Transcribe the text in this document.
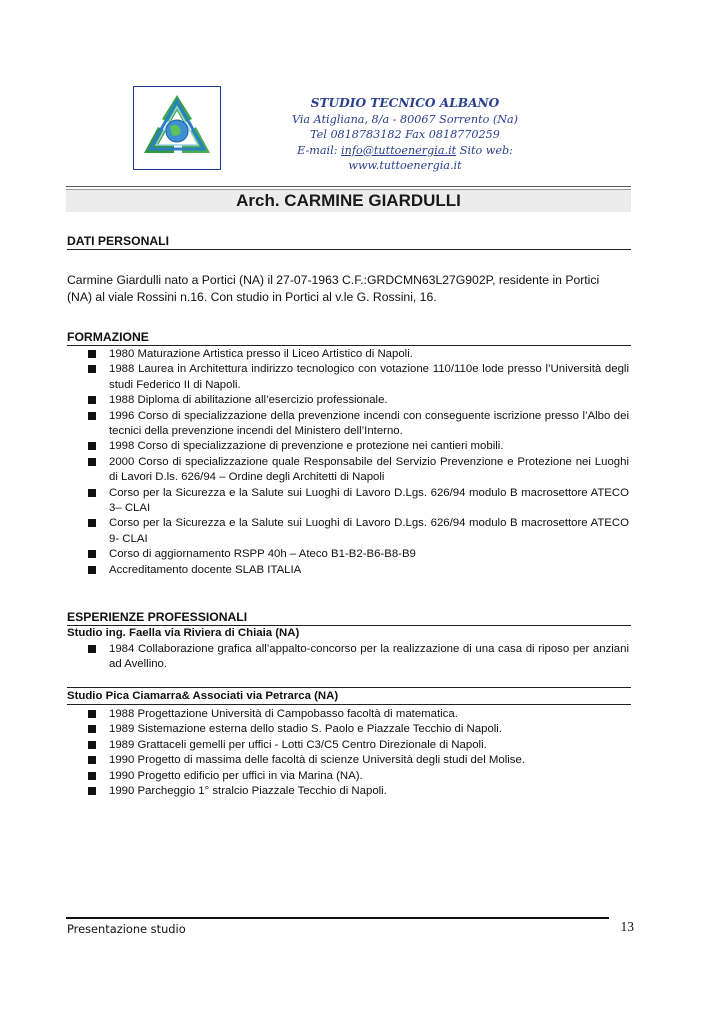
STUDIO TECNICO ALBANO
Via Atigliana, 8/a - 80067 Sorrento (Na)
Tel 0818783182 Fax 0818770259
E-mail: info@tuttoenergia.it Sito web: www.tuttoenergia.it
Arch. CARMINE GIARDULLI
DATI PERSONALI
Carmine Giardulli nato a Portici (NA) il 27-07-1963 C.F.:GRDCMN63L27G902P, residente in Portici (NA) al viale Rossini n.16. Con studio in Portici al v.le G. Rossini, 16.
FORMAZIONE
1980 Maturazione Artistica presso il Liceo Artistico di Napoli.
1988 Laurea in Architettura indirizzo tecnologico con votazione 110/110e lode presso l’Università degli studi Federico II di Napoli.
1988 Diploma di abilitazione all’esercizio professionale.
1996 Corso di specializzazione della prevenzione incendi con conseguente iscrizione presso l’Albo dei tecnici della prevenzione incendi del Ministero dell’Interno.
1998 Corso di specializzazione di prevenzione e protezione nei cantieri mobili.
2000 Corso di specializzazione quale Responsabile del Servizio Prevenzione e Protezione nei Luoghi di Lavori D.ls. 626/94 – Ordine degli Architetti di Napoli
Corso per la Sicurezza e la Salute sui Luoghi di Lavoro D.Lgs. 626/94 modulo B macrosettore ATECO 3– CLAI
Corso per la Sicurezza e la Salute sui Luoghi di Lavoro D.Lgs. 626/94 modulo B macrosettore ATECO 9- CLAI
Corso di aggiornamento RSPP 40h – Ateco B1-B2-B6-B8-B9
Accreditamento docente SLAB ITALIA
ESPERIENZE PROFESSIONALI
Studio ing. Faella via Riviera di Chiaia (NA)
1984 Collaborazione grafica all’appalto-concorso per la realizzazione di una casa di riposo per anziani ad Avellino.
Studio Pica Ciamarra& Associati via Petrarca (NA)
1988 Progettazione Università di Campobasso facoltà di matematica.
1989 Sistemazione esterna dello stadio S. Paolo e Piazzale Tecchio di Napoli.
1989 Grattaceli gemelli per uffici - Lotti C3/C5 Centro Direzionale di Napoli.
1990 Progetto di massima delle facoltà di scienze Università degli studi del Molise.
1990 Progetto edificio per uffici in via Marina (NA).
1990 Parcheggio 1° stralcio Piazzale Tecchio di Napoli.
Presentazione studio	13
